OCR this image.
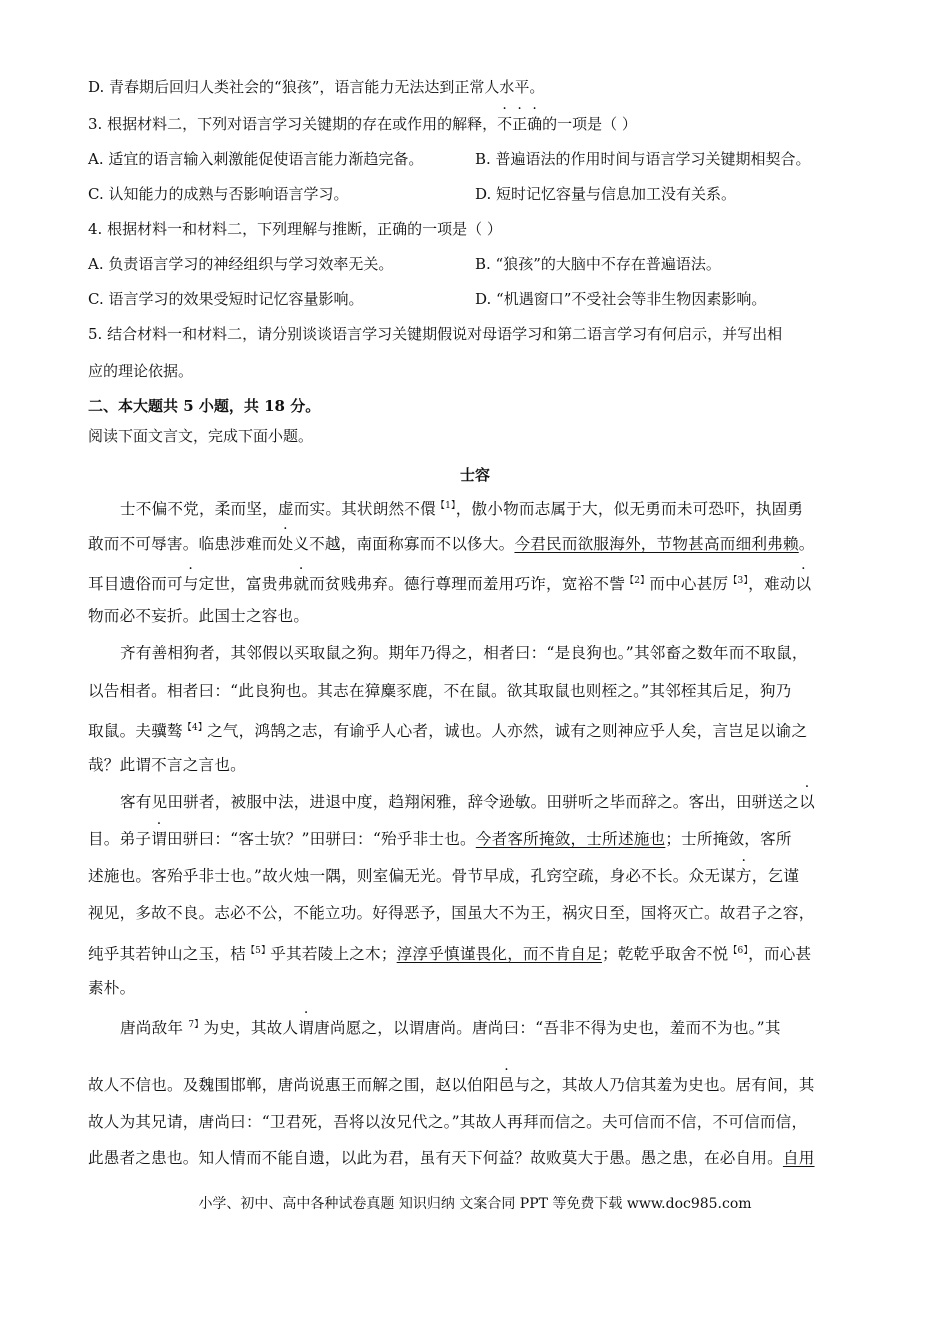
D. 青春期后回归人类社会的“狼孩”，语言能力无法达到正常人水平。
3. 根据材料二，下列对语言学习关键期的存在或作用的解释，不正确的一项是（ ）
A. 适宜的语言输入刺激能促使语言能力渐趋完备。	B. 普遍语法的作用时间与语言学习关键期相契合。
C. 认知能力的成熟与否影响语言学习。	D. 短时记忆容量与信息加工没有关系。
4. 根据材料一和材料二，下列理解与推断，正确的一项是（ ）
A. 负责语言学习的神经组织与学习效率无关。	B. “狼孩”的大脑中不存在普遍语法。
C. 语言学习的效果受短时记忆容量影响。	D. “机遇窗口”不受社会等非生物因素影响。
5. 结合材料一和材料二，请分别谈谈语言学习关键期假说对母语学习和第二语言学习有何启示，并写出相
应的理论依据。
二、本大题共 5 小题，共 18 分。
阅读下面文言文，完成下面小题。
士容
士不偏不党，柔而坚，虚而实。其状朗然不儇$^{【1】}$，傲小物而志属于大，似无勇而未可恐吓，执固勇
敢而不可辱害。临患涉难而处义不越，南面称寡而不以侈大。今君民而欲服海外，节物甚高而细利弗赖。
耳目遗俗而可与定世，富贵弗就而贫贱弗弃。德行尊理而羞用巧诈，宽裕不訾$^{【2】}$而中心甚厉$^{【3】}$，难动以
物而必不妄折。此国士之容也。
齐有善相狗者，其邻假以买取鼠之狗。期年乃得之，相者曰：“是良狗也。”其邻畜之数年而不取鼠，
以告相者。相者曰：“此良狗也。其志在獐麋豕鹿，不在鼠。欲其取鼠也则桎之。”其邻桎其后足，狗乃
取鼠。夫骥骜$^{【4】}$之气，鸿鹄之志，有谕乎人心者，诚也。人亦然，诚有之则神应乎人矣，言岂足以谕之
哉？此谓不言之言也。
客有见田骈者，被服中法，进退中度，趋翔闲雅，辞令逊敏。田骈听之毕而辞之。客出，田骈送之以
目。弟子谓田骈曰：“客士欤？”田骈曰：“殆乎非士也。今者客所掩敛，士所述施也；士所掩敛，客所
述施也。客殆乎非士也。”故火烛一隅，则室偏无光。骨节早成，孔窍空疏，身必不长。众无谋方，乞谨
视见，多故不良。志必不公，不能立功。好得恶予，国虽大不为王，祸灾日至，国将灭亡。故君子之容，
纯乎其若钟山之玉，桔$^{【5】}$乎其若陵上之木；淳淳乎慎谨畏化，而不肯自足；乾乾乎取舍不悦$^{【6】}$，而心甚
素朴。
唐尚敌年 $^{7】}$为史，其故人谓唐尚愿之，以谓唐尚。唐尚曰：“吾非不得为史也，羞而不为也。”其
故人不信也。及魏围邯郸，唐尚说惠王而解之围，赵以伯阳邑与之，其故人乃信其羞为史也。居有间，其
故人为其兄请，唐尚曰：“卫君死，吾将以汝兄代之。”其故人再拜而信之。夫可信而不信，不可信而信，
此愚者之患也。知人情而不能自遗，以此为君，虽有天下何益？故败莫大于愚。愚之患，在必自用。自用
小学、初中、高中各种试卷真题 知识归纳 文案合同 PPT 等免费下载 www.doc985.com
